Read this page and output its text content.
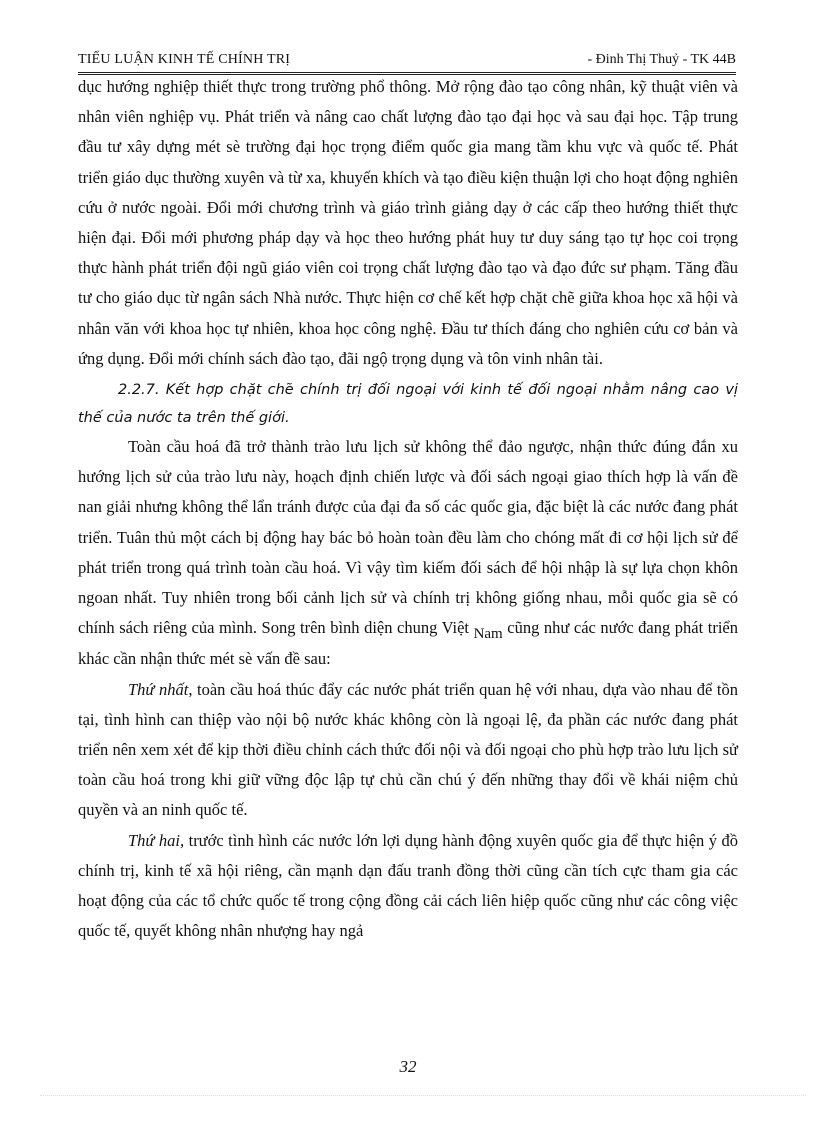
TIỂU LUẬN KINH TẾ CHÍNH TRỊ	- Đinh Thị Thuỷ - TK 44B

dục hướng nghiệp thiết thực trong trường phổ thông. Mở rộng đào tạo công nhân, kỹ thuật viên và nhân viên nghiệp vụ. Phát triển và nâng cao chất lượng đào tạo đại học và sau đại học. Tập trung đầu tư xây dựng mét sè trường đại học trọng điểm quốc gia mang tầm khu vực và quốc tế. Phát triển giáo dục thường xuyên và từ xa, khuyến khích và tạo điều kiện thuận lợi cho hoạt động nghiên cứu ở nước ngoài. Đổi mới chương trình và giáo trình giảng dạy ở các cấp theo hướng thiết thực hiện đại. Đổi mới phương pháp dạy và học theo hướng phát huy tư duy sáng tạo tự học coi trọng thực hành phát triển đội ngũ giáo viên coi trọng chất lượng đào tạo và đạo đức sư phạm. Tăng đầu tư cho giáo dục từ ngân sách Nhà nước. Thực hiện cơ chế kết hợp chặt chẽ giữa khoa học xã hội và nhân văn với khoa học tự nhiên, khoa học công nghệ. Đầu tư thích đáng cho nghiên cứu cơ bản và ứng dụng. Đổi mới chính sách đào tạo, đãi ngộ trọng dụng và tôn vinh nhân tài.

2.2.7. Kết hợp chặt chẽ chính trị đối ngoại với kinh tế đối ngoại nhằm nâng cao vị thế của nước ta trên thế giới.

Toàn cầu hoá đã trở thành trào lưu lịch sử không thể đảo ngược, nhận thức đúng đắn xu hướng lịch sử của trào lưu này, hoạch định chiến lược và đối sách ngoại giao thích hợp là vấn đề nan giải nhưng không thể lẩn tránh được của đại đa số các quốc gia, đặc biệt là các nước đang phát triển. Tuân thủ một cách bị động hay bác bỏ hoàn toàn đều làm cho chóng mất đi cơ hội lịch sử để phát triển trong quá trình toàn cầu hoá. Vì vậy tìm kiếm đối sách để hội nhập là sự lựa chọn khôn ngoan nhất. Tuy nhiên trong bối cảnh lịch sử và chính trị không giống nhau, mỗi quốc gia sẽ có chính sách riêng của mình. Song trên bình diện chung Việt Nam cũng như các nước đang phát triển khác cần nhận thức mét sè vấn đề sau:

Thứ nhất, toàn cầu hoá thúc đẩy các nước phát triển quan hệ với nhau, dựa vào nhau để tồn tại, tình hình can thiệp vào nội bộ nước khác không còn là ngoại lệ, đa phần các nước đang phát triển nên xem xét để kịp thời điều chỉnh cách thức đối nội và đối ngoại cho phù hợp trào lưu lịch sử toàn cầu hoá trong khi giữ vững độc lập tự chủ cần chú ý đến những thay đổi về khái niệm chủ quyền và an ninh quốc tế.

Thứ hai, trước tình hình các nước lớn lợi dụng hành động xuyên quốc gia để thực hiện ý đồ chính trị, kinh tế xã hội riêng, cần mạnh dạn đấu tranh đồng thời cũng cần tích cực tham gia các hoạt động của các tổ chức quốc tế trong cộng đồng cải cách liên hiệp quốc cũng như các công việc quốc tế, quyết không nhân nhượng hay ngả

32
